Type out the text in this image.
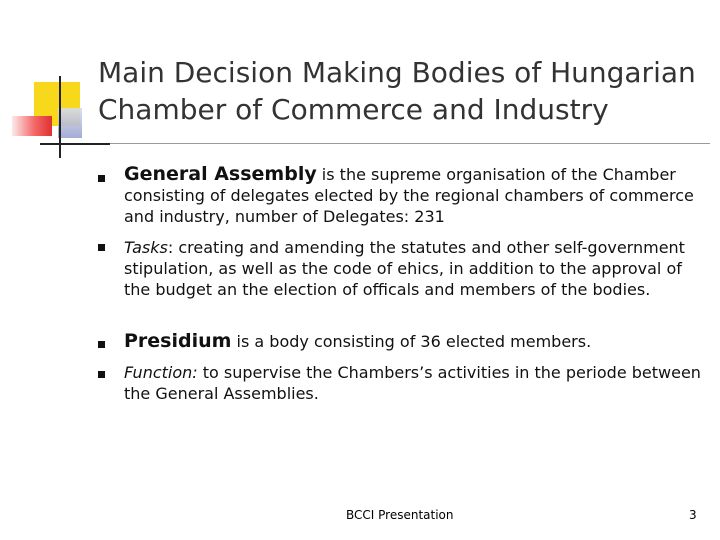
Main Decision Making Bodies of Hungarian
Chamber of Commerce and Industry
General Assembly is the supreme organisation of the Chamber consisting of delegates elected by the regional chambers of commerce and industry, number of Delegates: 231
Tasks: creating and amending the statutes and other self-government stipulation, as well as the code of ehics, in addition to the approval of the budget an the election of officals and members of the bodies.
Presidium is a body consisting of 36 elected members.
Function: to supervise the Chambers’s activities in the periode between the General Assemblies.
BCCI Presentation	3
